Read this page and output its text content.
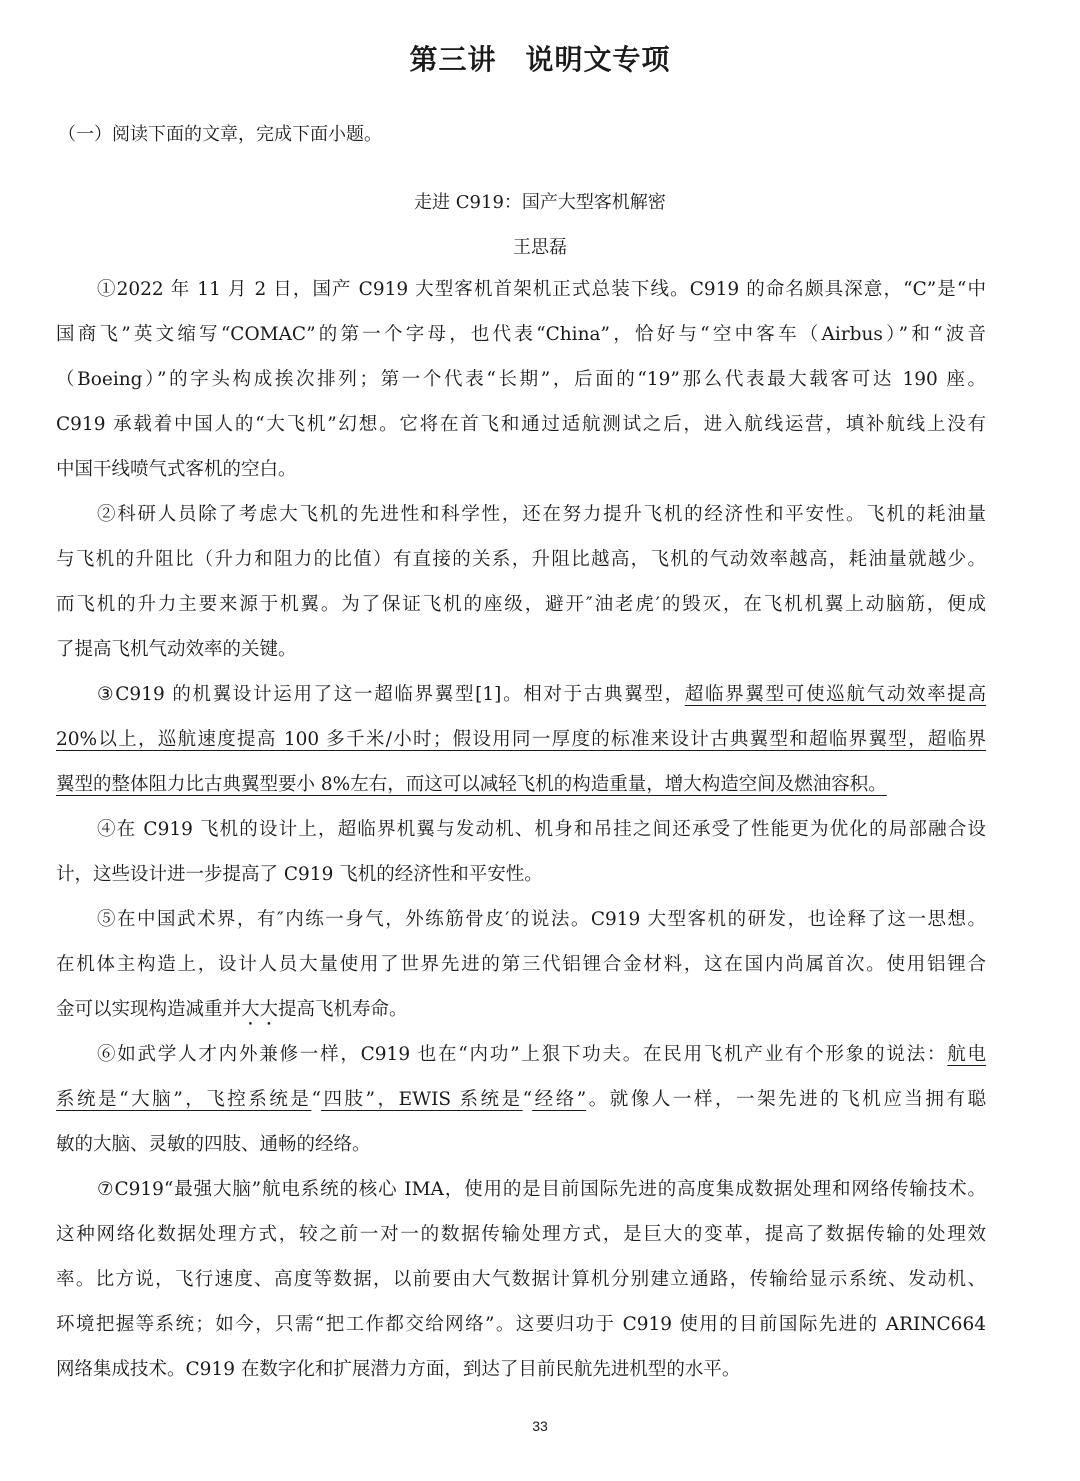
第三讲　说明文专项
（一）阅读下面的文章，完成下面小题。
走进 C919：国产大型客机解密
王思磊
①2022 年 11 月 2 日，国产 C919 大型客机首架机正式总装下线。C919 的命名颇具深意，“C”是“中
国商飞”英文缩写“COMAC”的第一个字母，也代表“China”，恰好与“空中客车（Airbus）”和“波音
（Boeing）”的字头构成挨次排列；第一个代表“长期”，后面的“19”那么代表最大载客可达 190 座。
C919 承载着中国人的“大飞机”幻想。它将在首飞和通过适航测试之后，进入航线运营，填补航线上没有
中国干线喷气式客机的空白。
②科研人员除了考虑大飞机的先进性和科学性，还在努力提升飞机的经济性和平安性。飞机的耗油量
与飞机的升阻比（升力和阻力的比值）有直接的关系，升阻比越高，飞机的气动效率越高，耗油量就越少。
而飞机的升力主要来源于机翼。为了保证飞机的座级，避开″油老虎′的毁灭，在飞机机翼上动脑筋，便成
了提高飞机气动效率的关键。
③C919 的机翼设计运用了这一超临界翼型[1]。相对于古典翼型，超临界翼型可使巡航气动效率提高
20%以上，巡航速度提高 100 多千米/小时；假设用同一厚度的标准来设计古典翼型和超临界翼型，超临界
翼型的整体阻力比古典翼型要小 8%左右，而这可以减轻飞机的构造重量，增大构造空间及燃油容积。
④在 C919 飞机的设计上，超临界机翼与发动机、机身和吊挂之间还承受了性能更为优化的局部融合设
计，这些设计进一步提高了 C919 飞机的经济性和平安性。
⑤在中国武术界，有″内练一身气，外练筋骨皮′的说法。C919 大型客机的研发，也诠释了这一思想。
在机体主构造上，设计人员大量使用了世界先进的第三代铝锂合金材料，这在国内尚属首次。使用铝锂合
金可以实现构造减重并大大提高飞机寿命。
⑥如武学人才内外兼修一样，C919 也在“内功”上狠下功夫。在民用飞机产业有个形象的说法：航电
系统是“大脑”，飞控系统是“四肢”，EWIS 系统是“经络”。就像人一样，一架先进的飞机应当拥有聪
敏的大脑、灵敏的四肢、通畅的经络。
⑦C919“最强大脑”航电系统的核心 IMA，使用的是目前国际先进的高度集成数据处理和网络传输技术。
这种网络化数据处理方式，较之前一对一的数据传输处理方式，是巨大的变革，提高了数据传输的处理效
率。比方说，飞行速度、高度等数据，以前要由大气数据计算机分别建立通路，传输给显示系统、发动机、
环境把握等系统；如今，只需“把工作都交给网络”。这要归功于 C919 使用的目前国际先进的 ARINC664
网络集成技术。C919 在数字化和扩展潜力方面，到达了目前民航先进机型的水平。
33
